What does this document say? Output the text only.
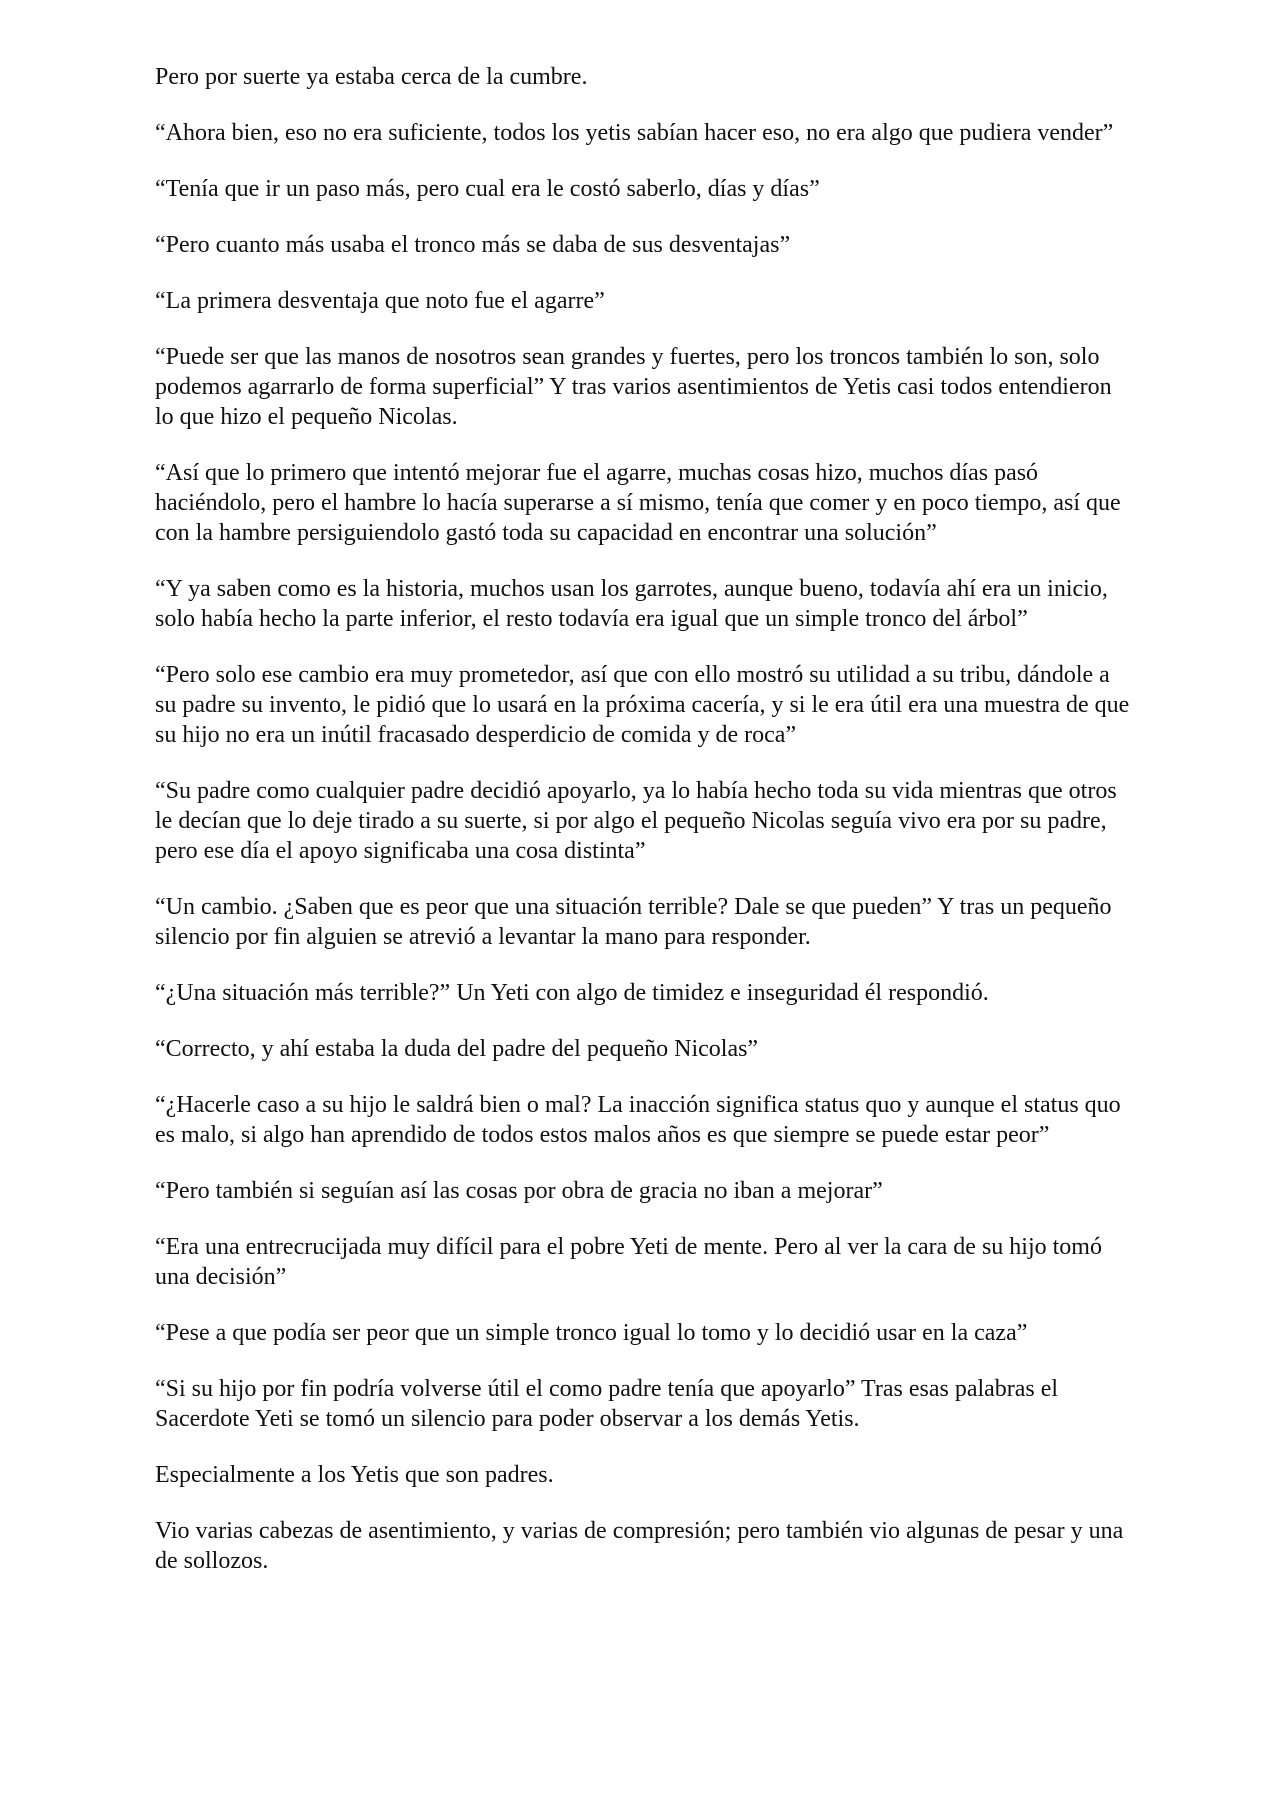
Pero por suerte ya estaba cerca de la cumbre.

“Ahora bien, eso no era suficiente, todos los yetis sabían hacer eso, no era algo que pudiera vender”

“Tenía que ir un paso más, pero cual era le costó saberlo, días y días”

“Pero cuanto más usaba el tronco más se daba de sus desventajas”

“La primera desventaja que noto fue el agarre”

“Puede ser que las manos de nosotros sean grandes y fuertes, pero los troncos también lo son, solo podemos agarrarlo de forma superficial” Y tras varios asentimientos de Yetis casi todos entendieron lo que hizo el pequeño Nicolas.

“Así que lo primero que intentó mejorar fue el agarre, muchas cosas hizo, muchos días pasó haciéndolo, pero el hambre lo hacía superarse a sí mismo, tenía que comer y en poco tiempo, así que con la hambre persiguiendolo gastó toda su capacidad en encontrar una solución”

“Y ya saben como es la historia, muchos usan los garrotes, aunque bueno, todavía ahí era un inicio, solo había hecho la parte inferior, el resto todavía era igual que un simple tronco del árbol”

“Pero solo ese cambio era muy prometedor, así que con ello mostró su utilidad a su tribu, dándole a su padre su invento, le pidió que lo usará en la próxima cacería, y si le era útil era una muestra de que su hijo no era un inútil fracasado desperdicio de comida y de roca”

“Su padre como cualquier padre decidió apoyarlo, ya lo había hecho toda su vida mientras que otros le decían que lo deje tirado a su suerte, si por algo el pequeño Nicolas seguía vivo era por su padre, pero ese día el apoyo significaba una cosa distinta”

“Un cambio. ¿Saben que es peor que una situación terrible? Dale se que pueden” Y tras un pequeño silencio por fin alguien se atrevió a levantar la mano para responder.

“¿Una situación más terrible?” Un Yeti con algo de timidez e inseguridad él respondió.

“Correcto, y ahí estaba la duda del padre del pequeño Nicolas”

“¿Hacerle caso a su hijo le saldrá bien o mal? La inacción significa status quo y aunque el status quo es malo, si algo han aprendido de todos estos malos años es que siempre se puede estar peor”

“Pero también si seguían así las cosas por obra de gracia no iban a mejorar”

“Era una entrecrucijada muy difícil para el pobre Yeti de mente. Pero al ver la cara de su hijo tomó una decisión”

“Pese a que podía ser peor que un simple tronco igual lo tomo y lo decidió usar en la caza”

“Si su hijo por fin podría volverse útil el como padre tenía que apoyarlo” Tras esas palabras el Sacerdote Yeti se tomó un silencio para poder observar a los demás Yetis.

Especialmente a los Yetis que son padres.

Vio varias cabezas de asentimiento, y varias de compresión; pero también vio algunas de pesar y una de sollozos.
